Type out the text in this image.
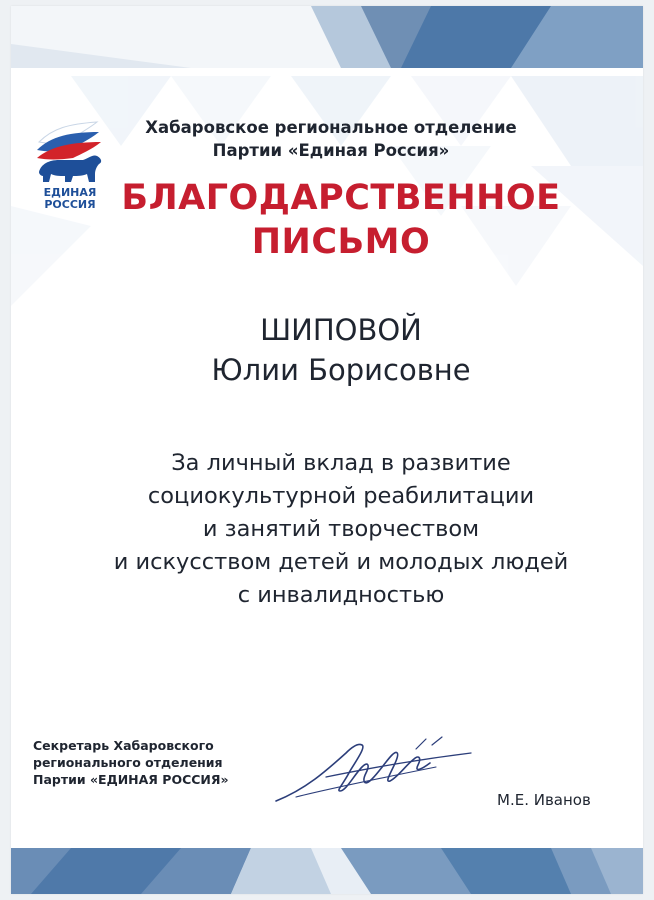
ЕДИНАЯ
РОССИЯ
Хабаровское региональное отделение
Партии «Единая Россия»
БЛАГОДАРСТВЕННОЕ
ПИСЬМО
ШИПОВОЙ
Юлии Борисовне
За личный вклад в развитие
социокультурной реабилитации
и занятий творчеством
и искусством детей и молодых людей
с инвалидностью
Секретарь Хабаровского
регионального отделения
Партии «ЕДИНАЯ РОССИЯ»
М.Е. Иванов
